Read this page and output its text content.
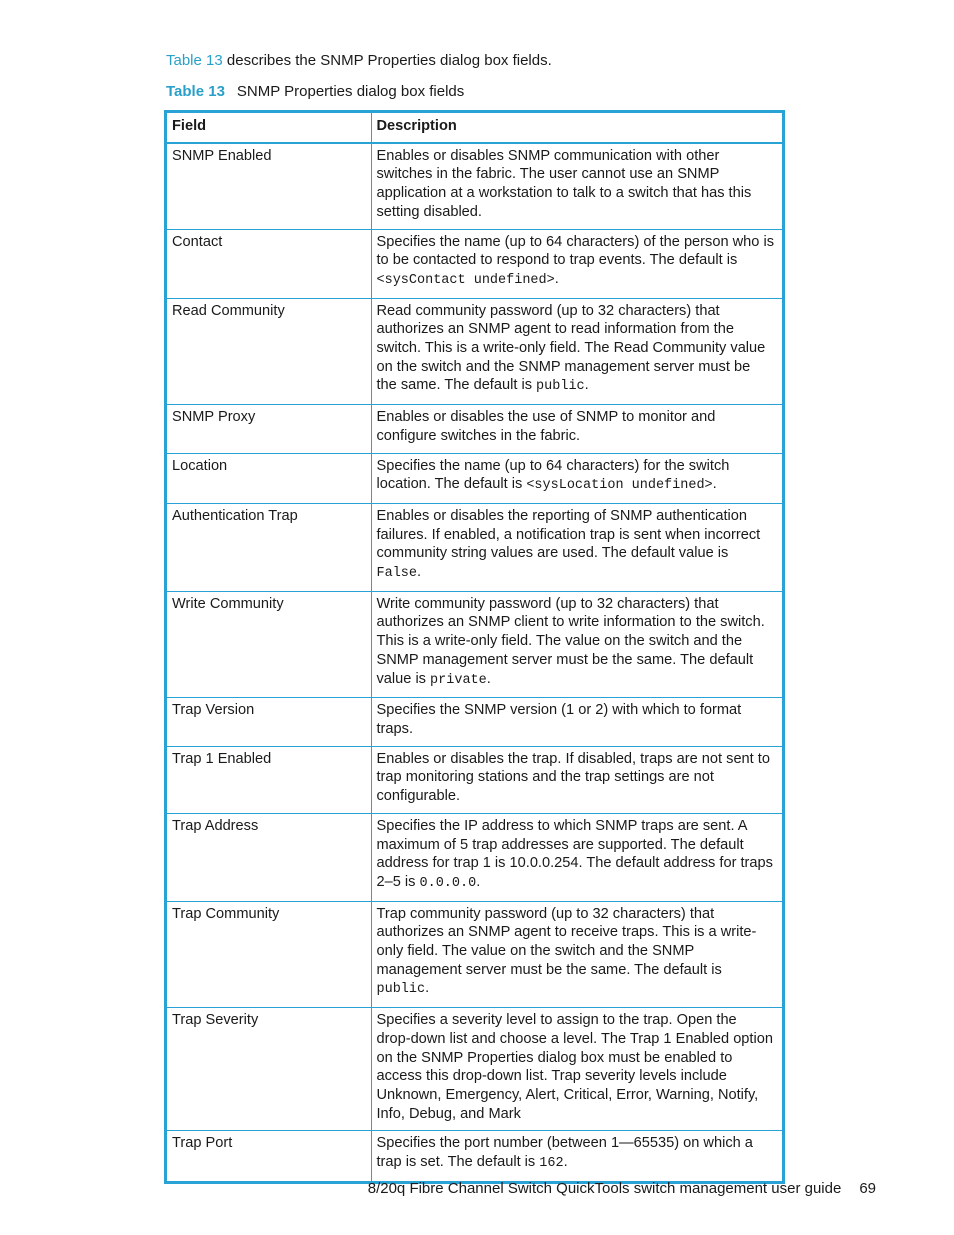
Table 13 describes the SNMP Properties dialog box fields.
Table 13 SNMP Properties dialog box fields
Field	Description
SNMP Enabled	Enables or disables SNMP communication with other switches in the fabric. The user cannot use an SNMP application at a workstation to talk to a switch that has this setting disabled.
Contact	Specifies the name (up to 64 characters) of the person who is to be contacted to respond to trap events. The default is <sysContact undefined>.
Read Community	Read community password (up to 32 characters) that authorizes an SNMP agent to read information from the switch. This is a write-only field. The Read Community value on the switch and the SNMP management server must be the same. The default is public.
SNMP Proxy	Enables or disables the use of SNMP to monitor and configure switches in the fabric.
Location	Specifies the name (up to 64 characters) for the switch location. The default is <sysLocation undefined>.
Authentication Trap	Enables or disables the reporting of SNMP authentication failures. If enabled, a notification trap is sent when incorrect community string values are used. The default value is False.
Write Community	Write community password (up to 32 characters) that authorizes an SNMP client to write information to the switch. This is a write-only field. The value on the switch and the SNMP management server must be the same. The default value is private.
Trap Version	Specifies the SNMP version (1 or 2) with which to format traps.
Trap 1 Enabled	Enables or disables the trap. If disabled, traps are not sent to trap monitoring stations and the trap settings are not configurable.
Trap Address	Specifies the IP address to which SNMP traps are sent. A maximum of 5 trap addresses are supported. The default address for trap 1 is 10.0.0.254. The default address for traps 2–5 is 0.0.0.0.
Trap Community	Trap community password (up to 32 characters) that authorizes an SNMP agent to receive traps. This is a write-only field. The value on the switch and the SNMP management server must be the same. The default is public.
Trap Severity	Specifies a severity level to assign to the trap. Open the drop-down list and choose a level. The Trap 1 Enabled option on the SNMP Properties dialog box must be enabled to access this drop-down list. Trap severity levels include Unknown, Emergency, Alert, Critical, Error, Warning, Notify, Info, Debug, and Mark
Trap Port	Specifies the port number (between 1—65535) on which a trap is set. The default is 162.
8/20q Fibre Channel Switch QuickTools switch management user guide 69
